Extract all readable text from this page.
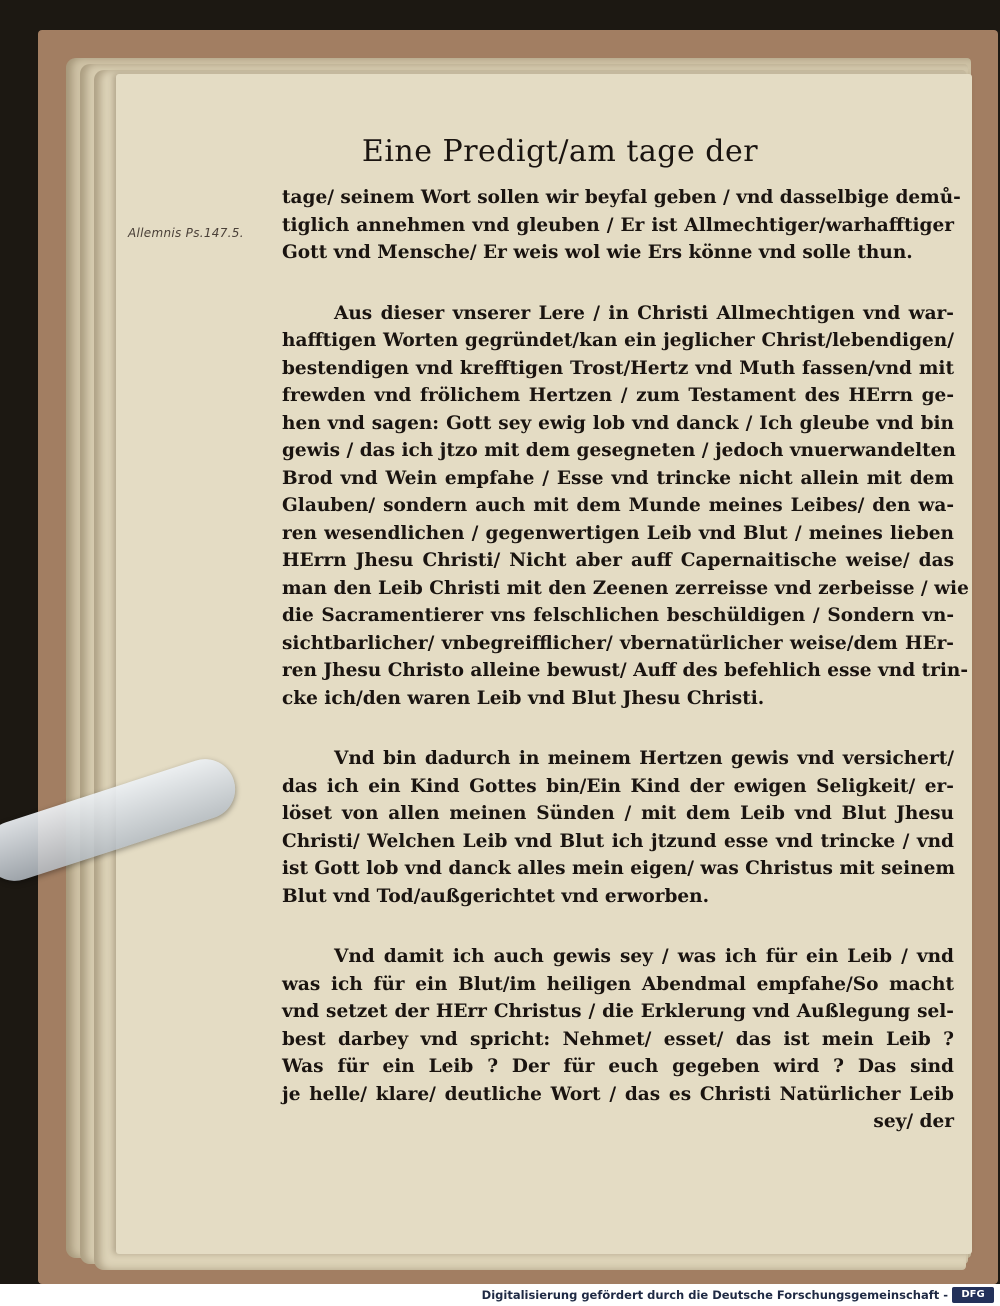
Allemnis Ps.147.5.
Eine Predigt/am tage der
tage/ seinem Wort sollen wir beyfal geben / vnd dasselbige demů-
tiglich annehmen vnd gleuben / Er ist Allmechtiger/warhafftiger
Gott vnd Mensche/ Er weis wol wie Ers könne vnd solle thun.
Aus dieser vnserer Lere / in Christi Allmechtigen vnd war-
hafftigen Worten gegründet/kan ein jeglicher Christ/lebendigen/
bestendigen vnd krefftigen Trost/Hertz vnd Muth fassen/vnd mit
frewden vnd frölichem Hertzen / zum Testament des HErrn ge-
hen vnd sagen: Gott sey ewig lob vnd danck / Ich gleube vnd bin
gewis / das ich jtzo mit dem gesegneten / jedoch vnuerwandelten
Brod vnd Wein empfahe / Esse vnd trincke nicht allein mit dem
Glauben/ sondern auch mit dem Munde meines Leibes/ den wa-
ren wesendlichen / gegenwertigen Leib vnd Blut / meines lieben
HErrn Jhesu Christi/ Nicht aber auff Capernaitische weise/ das
man den Leib Christi mit den Zeenen zerreisse vnd zerbeisse / wie
die Sacramentierer vns felschlichen beschüldigen / Sondern vn-
sichtbarlicher/ vnbegreifflicher/ vbernatürlicher weise/dem HEr-
ren Jhesu Christo alleine bewust/ Auff des befehlich esse vnd trin-
cke ich/den waren Leib vnd Blut Jhesu Christi.
Vnd bin dadurch in meinem Hertzen gewis vnd versichert/
das ich ein Kind Gottes bin/Ein Kind der ewigen Seligkeit/ er-
löset von allen meinen Sünden / mit dem Leib vnd Blut Jhesu
Christi/ Welchen Leib vnd Blut ich jtzund esse vnd trincke / vnd
ist Gott lob vnd danck alles mein eigen/ was Christus mit seinem
Blut vnd Tod/außgerichtet vnd erworben.
Vnd damit ich auch gewis sey / was ich für ein Leib / vnd
was ich für ein Blut/im heiligen Abendmal empfahe/So macht
vnd setzet der HErr Christus / die Erklerung vnd Außlegung sel-
best darbey vnd spricht: Nehmet/ esset/ das ist mein Leib ?
Was für ein Leib ? Der für euch gegeben wird ? Das sind
je helle/ klare/ deutliche Wort / das es Christi Natürlicher Leib
sey/ der
Digitalisierung gefördert durch die Deutsche Forschungsgemeinschaft -	DFG
